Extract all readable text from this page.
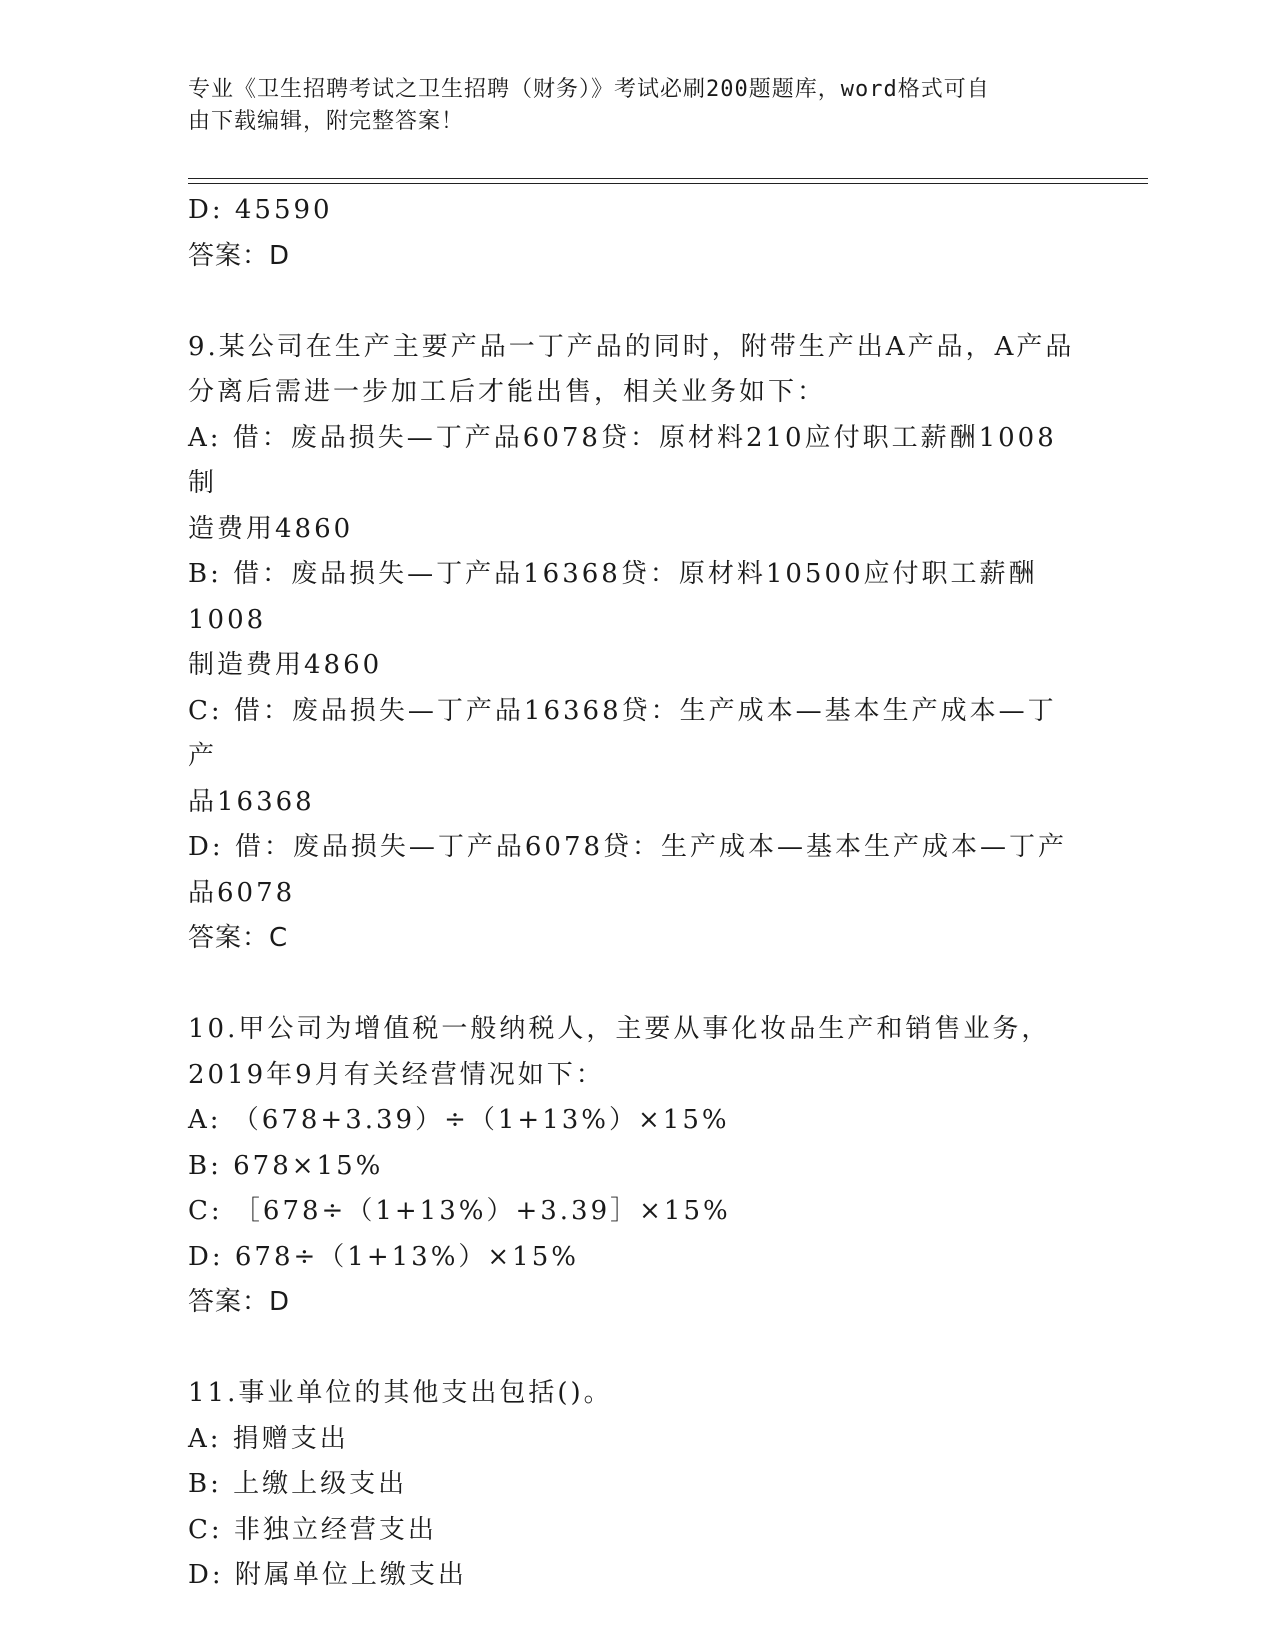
专业《卫生招聘考试之卫生招聘（财务）》考试必刷200题题库，word格式可自
由下载编辑，附完整答案！

D: 45590

答案：D

9.某公司在生产主要产品一丁产品的同时，附带生产出A产品，A产品

分离后需进一步加工后才能出售，相关业务如下：

A: 借：废品损失—丁产品6078贷：原材料210应付职工薪酬1008制

造费用4860

B: 借：废品损失—丁产品16368贷：原材料10500应付职工薪酬1008

制造费用4860

C: 借：废品损失—丁产品16368贷：生产成本—基本生产成本—丁产

品16368

D: 借：废品损失—丁产品6078贷：生产成本—基本生产成本—丁产

品6078

答案：C

10.甲公司为增值税一般纳税人，主要从事化妆品生产和销售业务，

2019年9月有关经营情况如下：

A: （678+3.39）÷（1+13%）×15%

B: 678×15%

C: ［678÷（1+13%）+3.39］×15%

D: 678÷（1+13%）×15%

答案：D

11.事业单位的其他支出包括()。

A: 捐赠支出

B: 上缴上级支出

C: 非独立经营支出

D: 附属单位上缴支出
